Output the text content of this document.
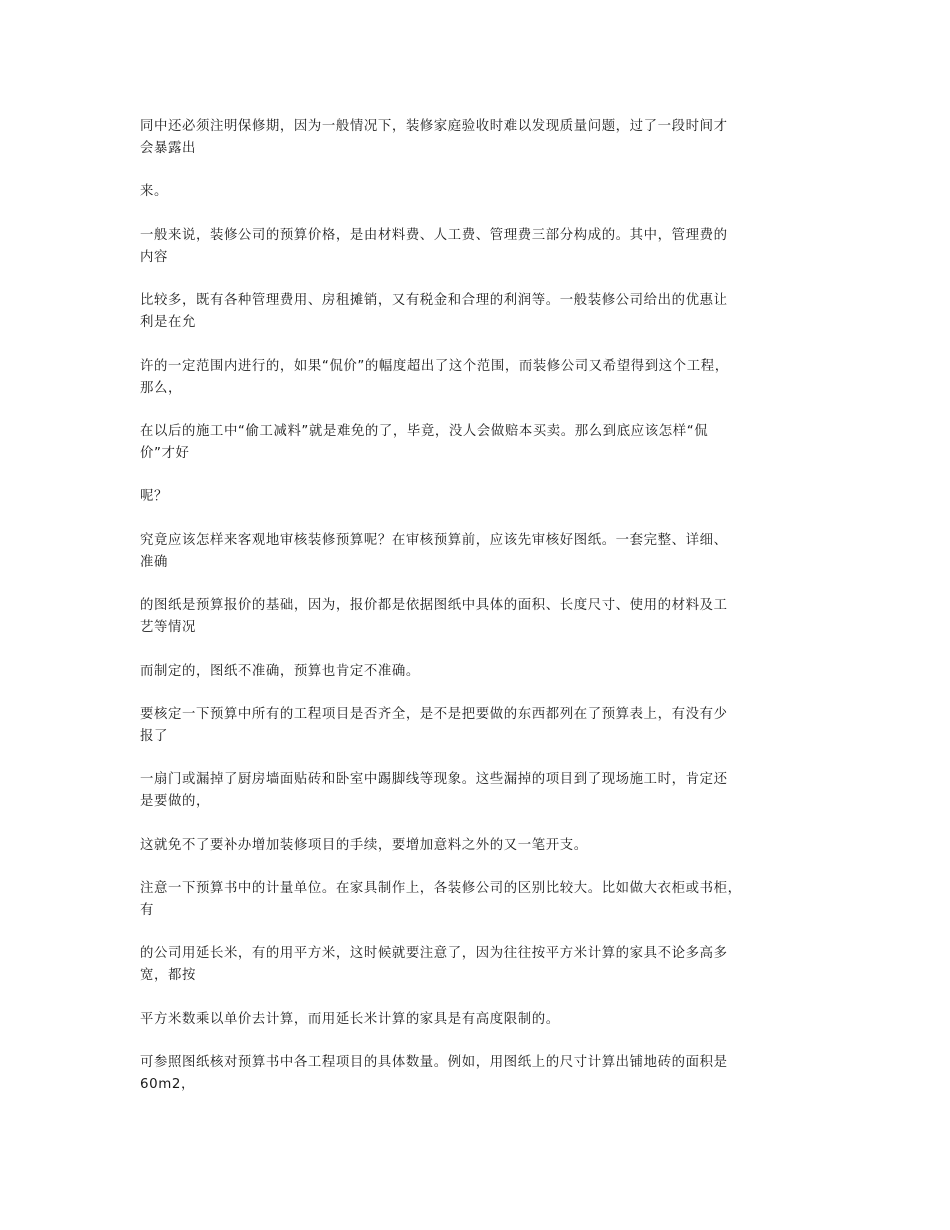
同中还必须注明保修期，因为一般情况下，装修家庭验收时难以发现质量问题，过了一段时间才
会暴露出

来。

一般来说，装修公司的预算价格，是由材料费、人工费、管理费三部分构成的。其中，管理费的
内容

比较多，既有各种管理费用、房租摊销，又有税金和合理的利润等。一般装修公司给出的优惠让
利是在允

许的一定范围内进行的，如果“侃价”的幅度超出了这个范围，而装修公司又希望得到这个工程，
那么，

在以后的施工中“偷工减料”就是难免的了，毕竟，没人会做赔本买卖。那么到底应该怎样“侃
价”才好

呢？

究竟应该怎样来客观地审核装修预算呢？在审核预算前，应该先审核好图纸。一套完整、详细、
准确

的图纸是预算报价的基础，因为，报价都是依据图纸中具体的面积、长度尺寸、使用的材料及工
艺等情况

而制定的，图纸不准确，预算也肯定不准确。

要核定一下预算中所有的工程项目是否齐全，是不是把要做的东西都列在了预算表上，有没有少
报了

一扇门或漏掉了厨房墙面贴砖和卧室中踢脚线等现象。这些漏掉的项目到了现场施工时，肯定还
是要做的，

这就免不了要补办增加装修项目的手续，要增加意料之外的又一笔开支。

注意一下预算书中的计量单位。在家具制作上，各装修公司的区别比较大。比如做大衣柜或书柜，
有

的公司用延长米，有的用平方米，这时候就要注意了，因为往往按平方米计算的家具不论多高多
宽，都按

平方米数乘以单价去计算，而用延长米计算的家具是有高度限制的。

可参照图纸核对预算书中各工程项目的具体数量。例如，用图纸上的尺寸计算出铺地砖的面积是
60m2，
